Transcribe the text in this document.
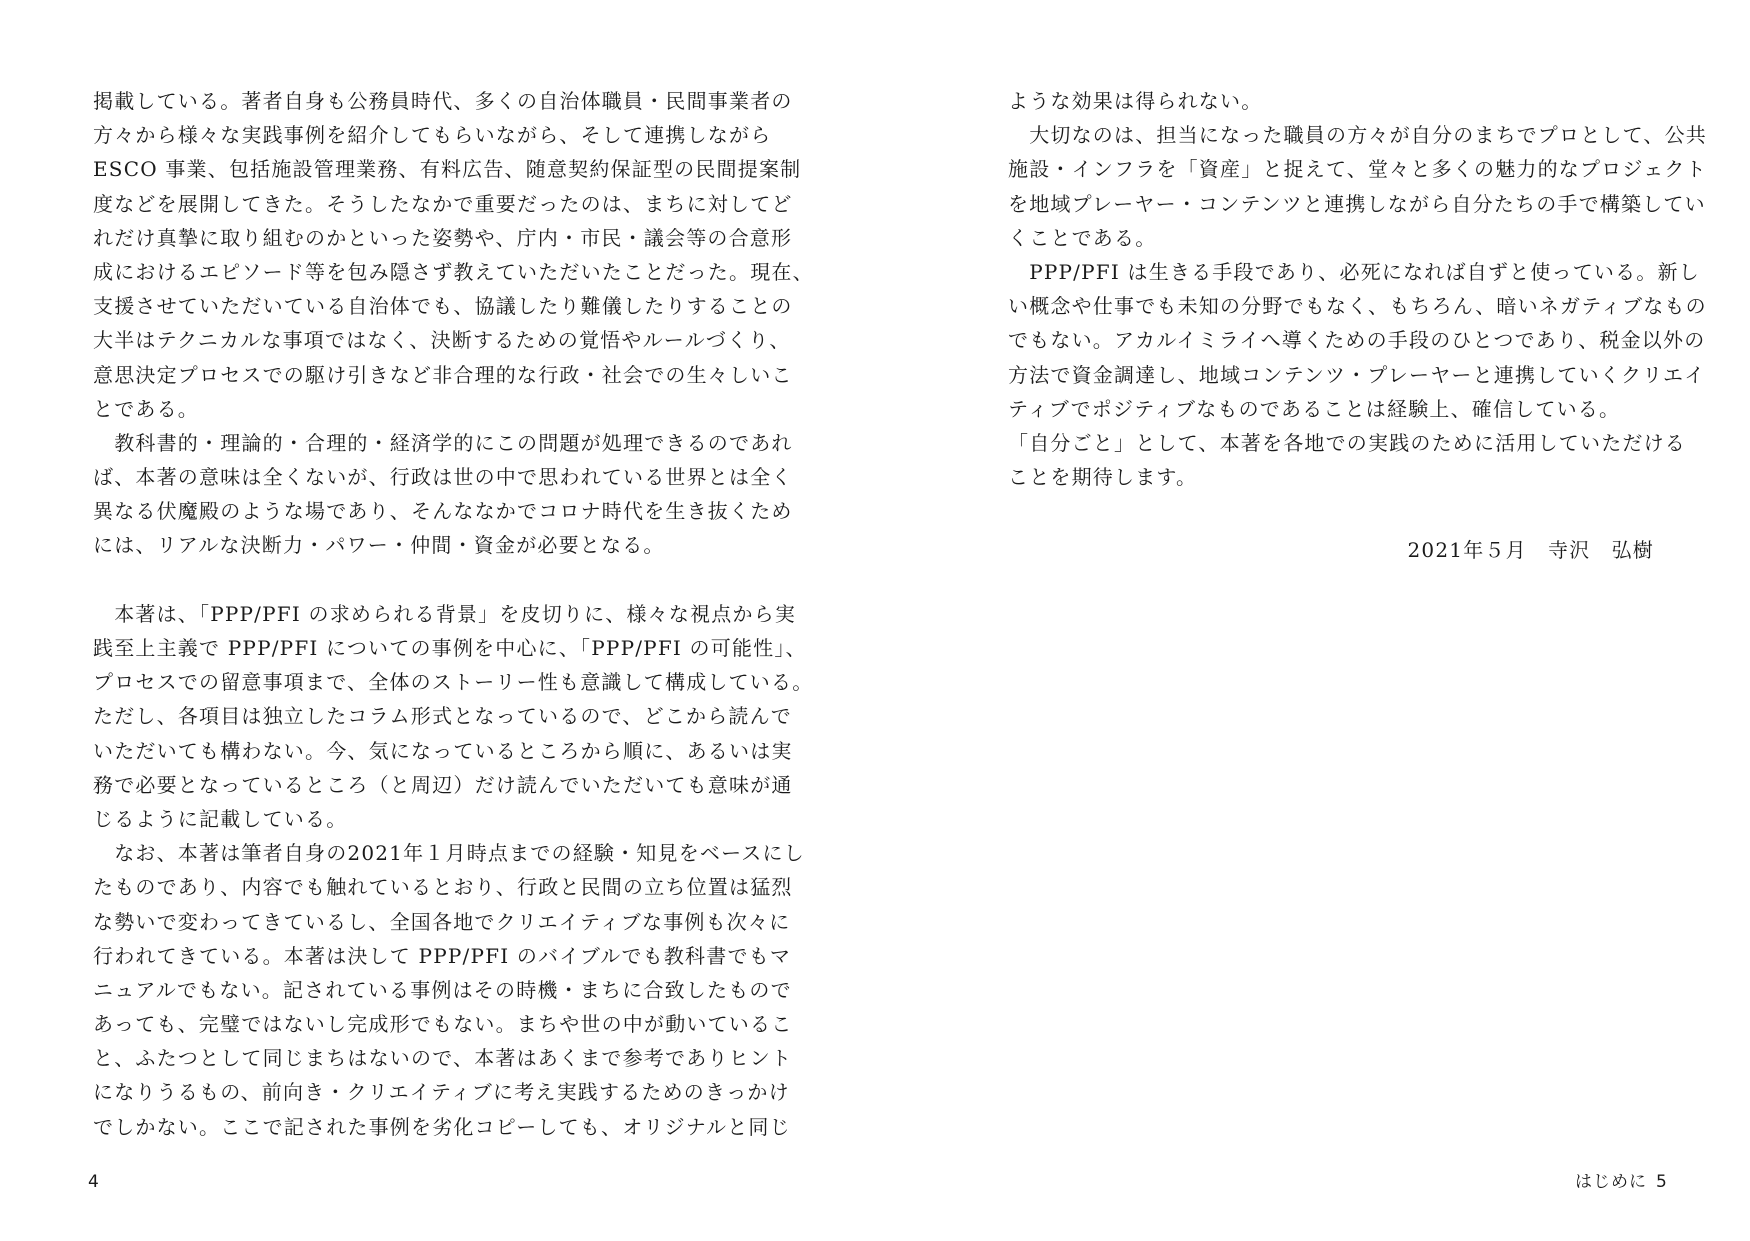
掲載している。著者自身も公務員時代、多くの自治体職員・民間事業者の

方々から様々な実践事例を紹介してもらいながら、そして連携しながら

ESCO 事業、包括施設管理業務、有料広告、随意契約保証型の民間提案制

度などを展開してきた。そうしたなかで重要だったのは、まちに対してど

れだけ真摯に取り組むのかといった姿勢や、庁内・市民・議会等の合意形

成におけるエピソード等を包み隠さず教えていただいたことだった。現在、

支援させていただいている自治体でも、協議したり難儀したりすることの

大半はテクニカルな事項ではなく、決断するための覚悟やルールづくり、

意思決定プロセスでの駆け引きなど非合理的な行政・社会での生々しいこ

とである。

　教科書的・理論的・合理的・経済学的にこの問題が処理できるのであれ

ば、本著の意味は全くないが、行政は世の中で思われている世界とは全く

異なる伏魔殿のような場であり、そんななかでコロナ時代を生き抜くため

には、リアルな決断力・パワー・仲間・資金が必要となる。

　本著は、「PPP/PFI の求められる背景」を皮切りに、様々な視点から実

践至上主義で PPP/PFI についての事例を中心に、「PPP/PFI の可能性」、

プロセスでの留意事項まで、全体のストーリー性も意識して構成している。

ただし、各項目は独立したコラム形式となっているので、どこから読んで

いただいても構わない。今、気になっているところから順に、あるいは実

務で必要となっているところ（と周辺）だけ読んでいただいても意味が通

じるように記載している。

　なお、本著は筆者自身の2021年１月時点までの経験・知見をベースにし

たものであり、内容でも触れているとおり、行政と民間の立ち位置は猛烈

な勢いで変わってきているし、全国各地でクリエイティブな事例も次々に

行われてきている。本著は決して PPP/PFI のバイブルでも教科書でもマ

ニュアルでもない。記されている事例はその時機・まちに合致したもので

あっても、完璧ではないし完成形でもない。まちや世の中が動いているこ

と、ふたつとして同じまちはないので、本著はあくまで参考でありヒント

になりうるもの、前向き・クリエイティブに考え実践するためのきっかけ

でしかない。ここで記された事例を劣化コピーしても、オリジナルと同じ

ような効果は得られない。

　大切なのは、担当になった職員の方々が自分のまちでプロとして、公共

施設・インフラを「資産」と捉えて、堂々と多くの魅力的なプロジェクト

を地域プレーヤー・コンテンツと連携しながら自分たちの手で構築してい

くことである。

　PPP/PFI は生きる手段であり、必死になれば自ずと使っている。新し

い概念や仕事でも未知の分野でもなく、もちろん、暗いネガティブなもの

でもない。アカルイミライへ導くための手段のひとつであり、税金以外の

方法で資金調達し、地域コンテンツ・プレーヤーと連携していくクリエイ

ティブでポジティブなものであることは経験上、確信している。

「自分ごと」として、本著を各地での実践のために活用していただける

ことを期待します。

2021年５月　寺沢　弘樹
4	はじめに 5
